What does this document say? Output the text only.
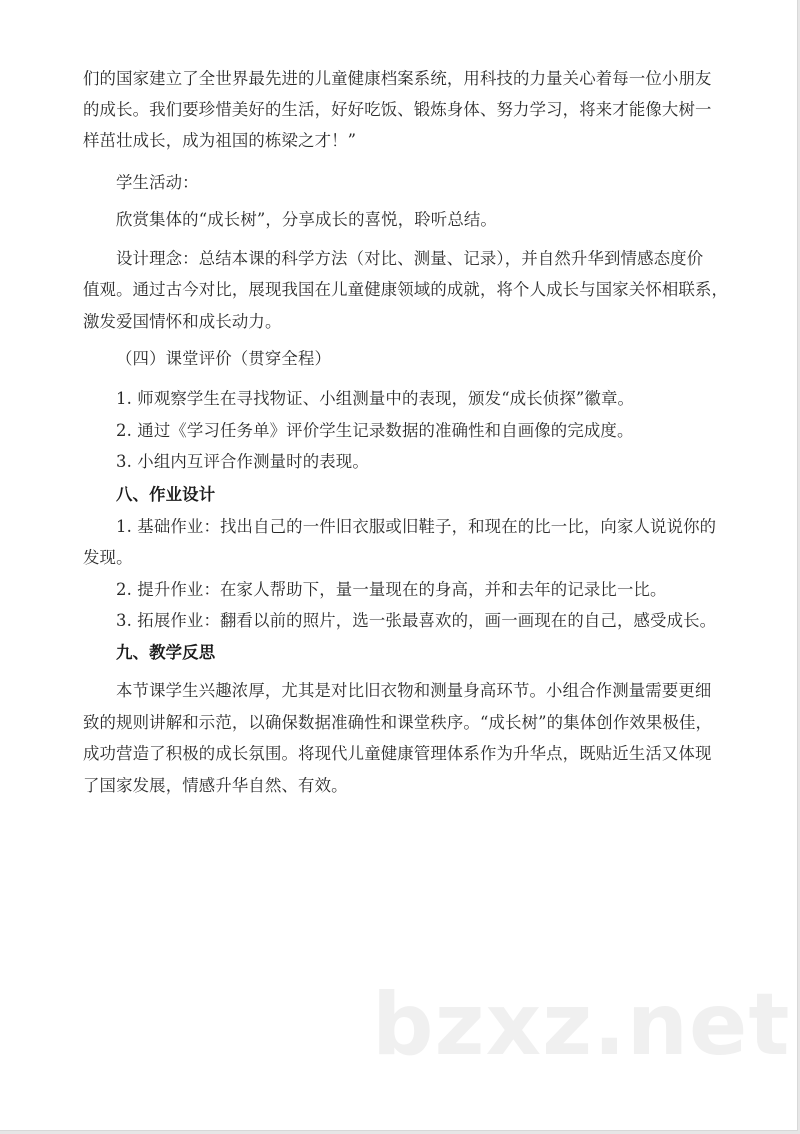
们的国家建立了全世界最先进的儿童健康档案系统，用科技的力量关心着每一位小朋友
的成长。我们要珍惜美好的生活，好好吃饭、锻炼身体、努力学习，将来才能像大树一
样茁壮成长，成为祖国的栋梁之才！”
学生活动：
欣赏集体的“成长树”，分享成长的喜悦，聆听总结。
设计理念：总结本课的科学方法（对比、测量、记录），并自然升华到情感态度价
值观。通过古今对比，展现我国在儿童健康领域的成就，将个人成长与国家关怀相联系，
激发爱国情怀和成长动力。
（四）课堂评价（贯穿全程）
1. 师观察学生在寻找物证、小组测量中的表现，颁发“成长侦探”徽章。
2. 通过《学习任务单》评价学生记录数据的准确性和自画像的完成度。
3. 小组内互评合作测量时的表现。
八、作业设计
1. 基础作业：找出自己的一件旧衣服或旧鞋子，和现在的比一比，向家人说说你的
发现。
2. 提升作业：在家人帮助下，量一量现在的身高，并和去年的记录比一比。
3. 拓展作业：翻看以前的照片，选一张最喜欢的，画一画现在的自己，感受成长。
九、教学反思
本节课学生兴趣浓厚，尤其是对比旧衣物和测量身高环节。小组合作测量需要更细
致的规则讲解和示范，以确保数据准确性和课堂秩序。“成长树”的集体创作效果极佳，
成功营造了积极的成长氛围。将现代儿童健康管理体系作为升华点，既贴近生活又体现
了国家发展，情感升华自然、有效。
bzxz.net
